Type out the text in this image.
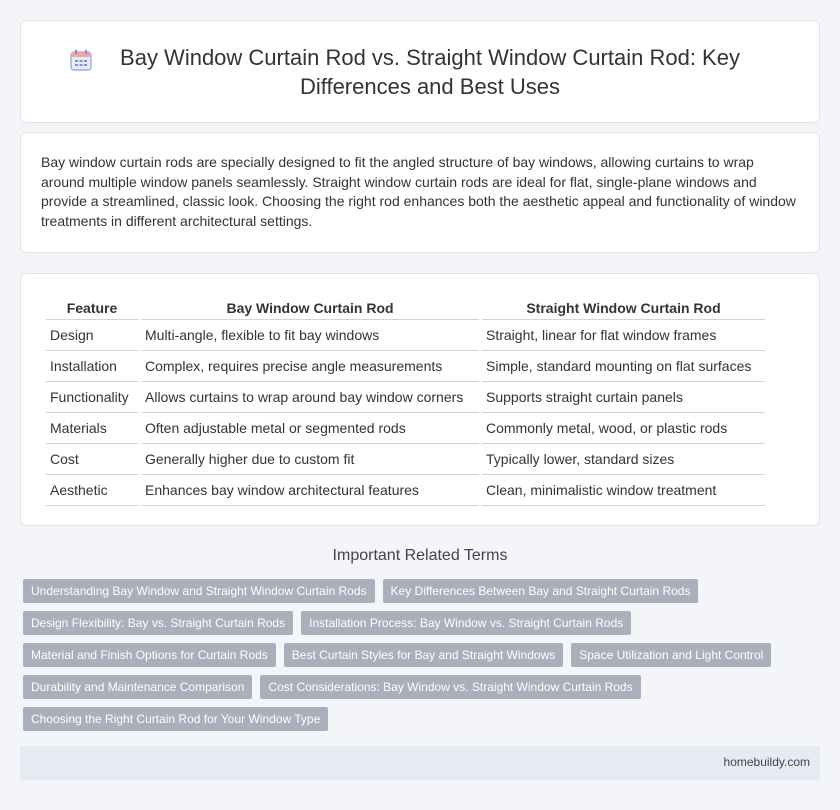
Bay Window Curtain Rod vs. Straight Window Curtain Rod: Key Differences and Best Uses

Bay window curtain rods are specially designed to fit the angled structure of bay windows, allowing curtains to wrap around multiple window panels seamlessly. Straight window curtain rods are ideal for flat, single-plane windows and provide a streamlined, classic look. Choosing the right rod enhances both the aesthetic appeal and functionality of window treatments in different architectural settings.

Feature	Bay Window Curtain Rod	Straight Window Curtain Rod
Design	Multi-angle, flexible to fit bay windows	Straight, linear for flat window frames
Installation	Complex, requires precise angle measurements	Simple, standard mounting on flat surfaces
Functionality	Allows curtains to wrap around bay window corners	Supports straight curtain panels
Materials	Often adjustable metal or segmented rods	Commonly metal, wood, or plastic rods
Cost	Generally higher due to custom fit	Typically lower, standard sizes
Aesthetic	Enhances bay window architectural features	Clean, minimalistic window treatment
Important Related Terms
Understanding Bay Window and Straight Window Curtain Rods	Key Differences Between Bay and Straight Curtain Rods
Design Flexibility: Bay vs. Straight Curtain Rods	Installation Process: Bay Window vs. Straight Curtain Rods
Material and Finish Options for Curtain Rods	Best Curtain Styles for Bay and Straight Windows	Space Utilization and Light Control
Durability and Maintenance Comparison	Cost Considerations: Bay Window vs. Straight Window Curtain Rods
Choosing the Right Curtain Rod for Your Window Type
homebuildy.com
